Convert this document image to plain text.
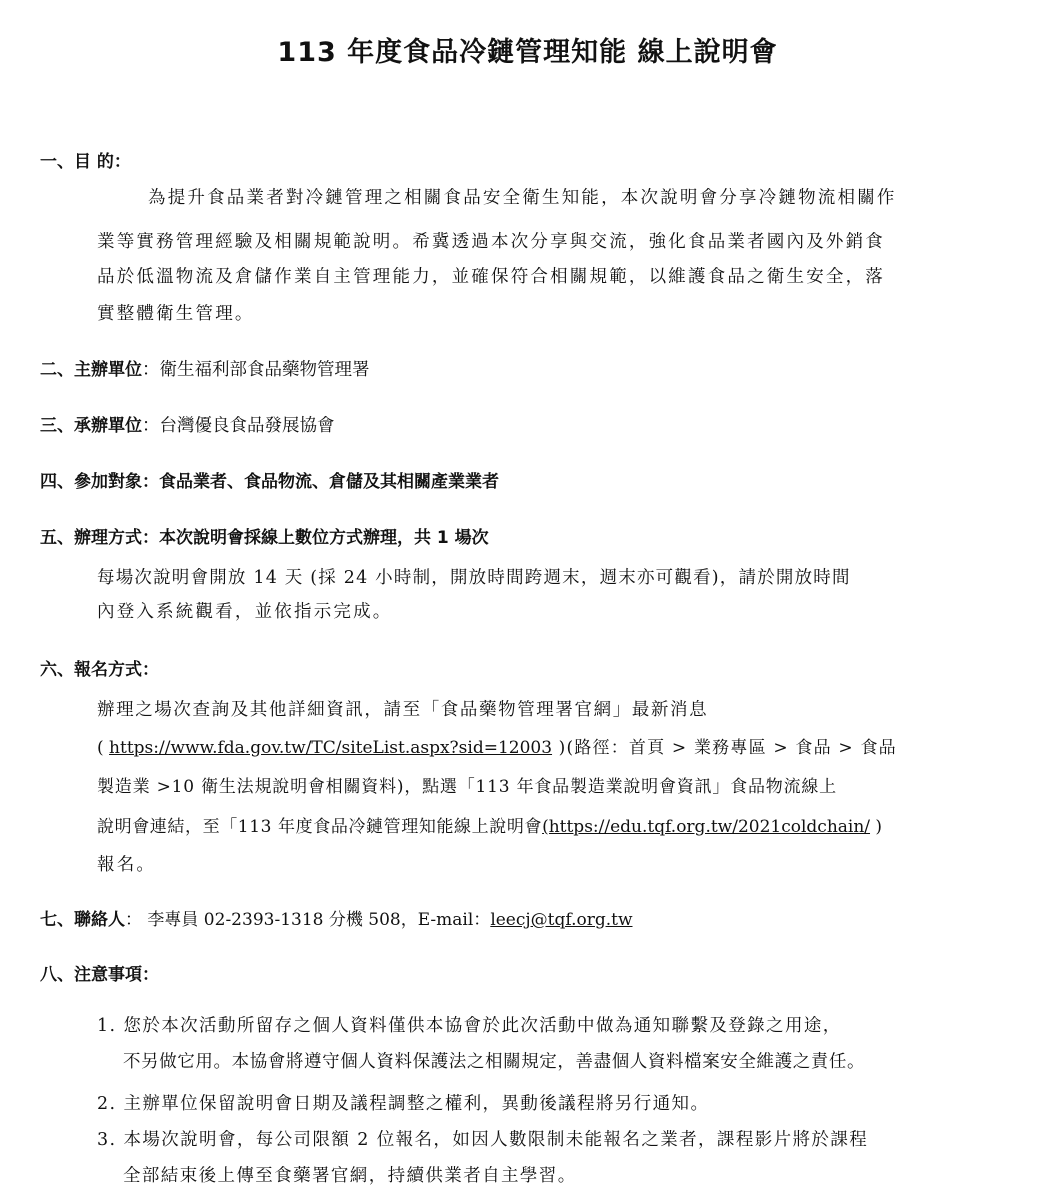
113 年度食品冷鏈管理知能 線上說明會
一、目 的：
為提升食品業者對冷鏈管理之相關食品安全衛生知能，本次說明會分享冷鏈物流相關作
業等實務管理經驗及相關規範說明。希冀透過本次分享與交流，強化食品業者國內及外銷食
品於低溫物流及倉儲作業自主管理能力，並確保符合相關規範，以維護食品之衛生安全，落
實整體衛生管理。
二、主辦單位：衛生福利部食品藥物管理署
三、承辦單位：台灣優良食品發展協會
四、參加對象：食品業者、食品物流、倉儲及其相關產業業者
五、辦理方式：本次說明會採線上數位方式辦理，共 1 場次
每場次說明會開放 14 天 (採 24 小時制，開放時間跨週末，週末亦可觀看)，請於開放時間
內登入系統觀看，並依指示完成。
六、報名方式：
辦理之場次查詢及其他詳細資訊，請至「食品藥物管理署官網」最新消息
( https://www.fda.gov.tw/TC/siteList.aspx?sid=12003 )(路徑：首頁 > 業務專區 > 食品 > 食品
製造業 >10 衛生法規說明會相關資料)，點選「113 年食品製造業說明會資訊」食品物流線上
說明會連結，至「113 年度食品冷鏈管理知能線上說明會(https://edu.tqf.org.tw/2021coldchain/ )
報名。
七、聯絡人： 李專員 02-2393-1318 分機 508，E-mail：leecj@tqf.org.tw
八、注意事項：
1. 您於本次活動所留存之個人資料僅供本協會於此次活動中做為通知聯繫及登錄之用途，
不另做它用。本協會將遵守個人資料保護法之相關規定，善盡個人資料檔案安全維護之責任。
2. 主辦單位保留說明會日期及議程調整之權利，異動後議程將另行通知。
3. 本場次說明會，每公司限額 2 位報名，如因人數限制未能報名之業者，課程影片將於課程
全部結束後上傳至食藥署官網，持續供業者自主學習。
